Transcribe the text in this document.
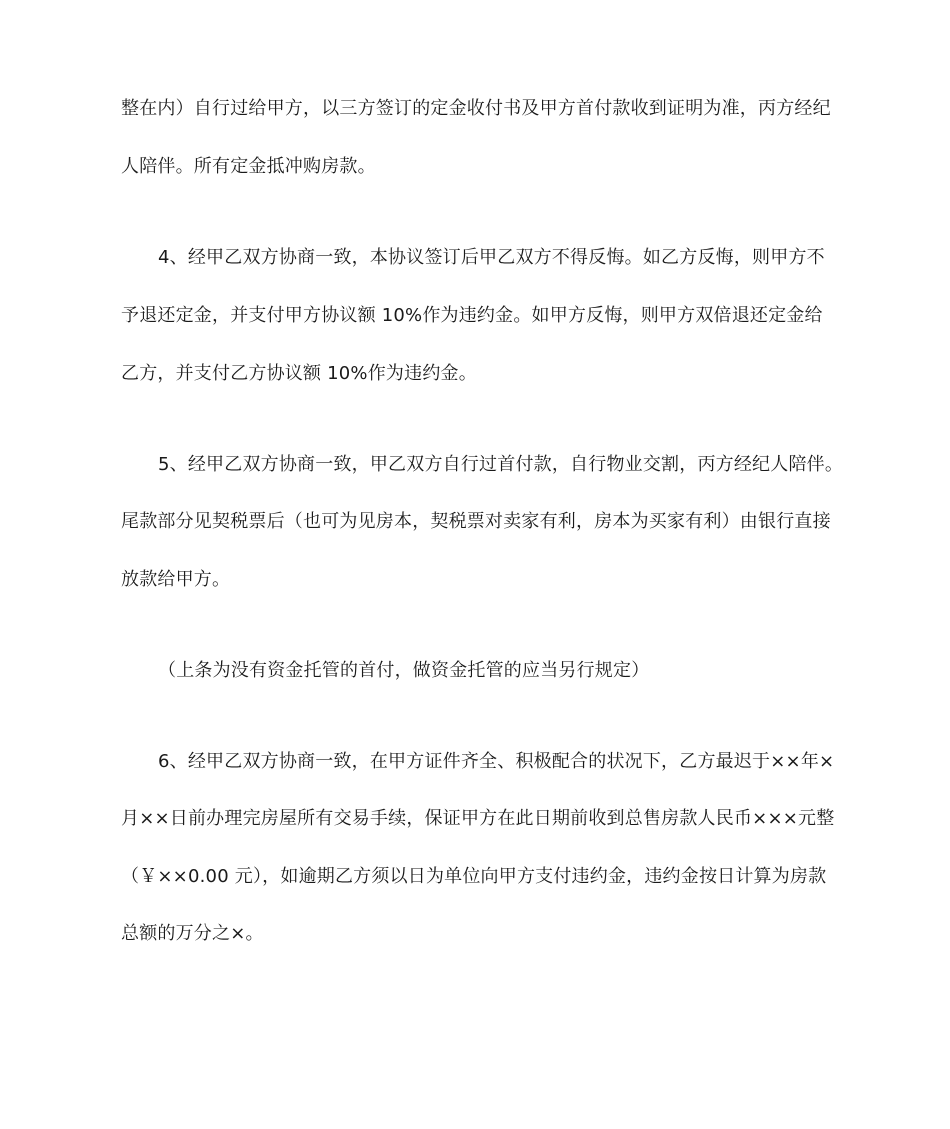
整在内）自行过给甲方，以三方签订的定金收付书及甲方首付款收到证明为准，丙方经纪
人陪伴。所有定金抵冲购房款。
4、经甲乙双方协商一致，本协议签订后甲乙双方不得反悔。如乙方反悔，则甲方不
予退还定金，并支付甲方协议额 10%作为违约金。如甲方反悔，则甲方双倍退还定金给
乙方，并支付乙方协议额 10%作为违约金。
5、经甲乙双方协商一致，甲乙双方自行过首付款，自行物业交割，丙方经纪人陪伴。
尾款部分见契税票后（也可为见房本，契税票对卖家有利，房本为买家有利）由银行直接
放款给甲方。
（上条为没有资金托管的首付，做资金托管的应当另行规定）
6、经甲乙双方协商一致，在甲方证件齐全、积极配合的状况下，乙方最迟于××年×
月××日前办理完房屋所有交易手续，保证甲方在此日期前收到总售房款人民币×××元整
（￥××0.00 元），如逾期乙方须以日为单位向甲方支付违约金，违约金按日计算为房款
总额的万分之×。
